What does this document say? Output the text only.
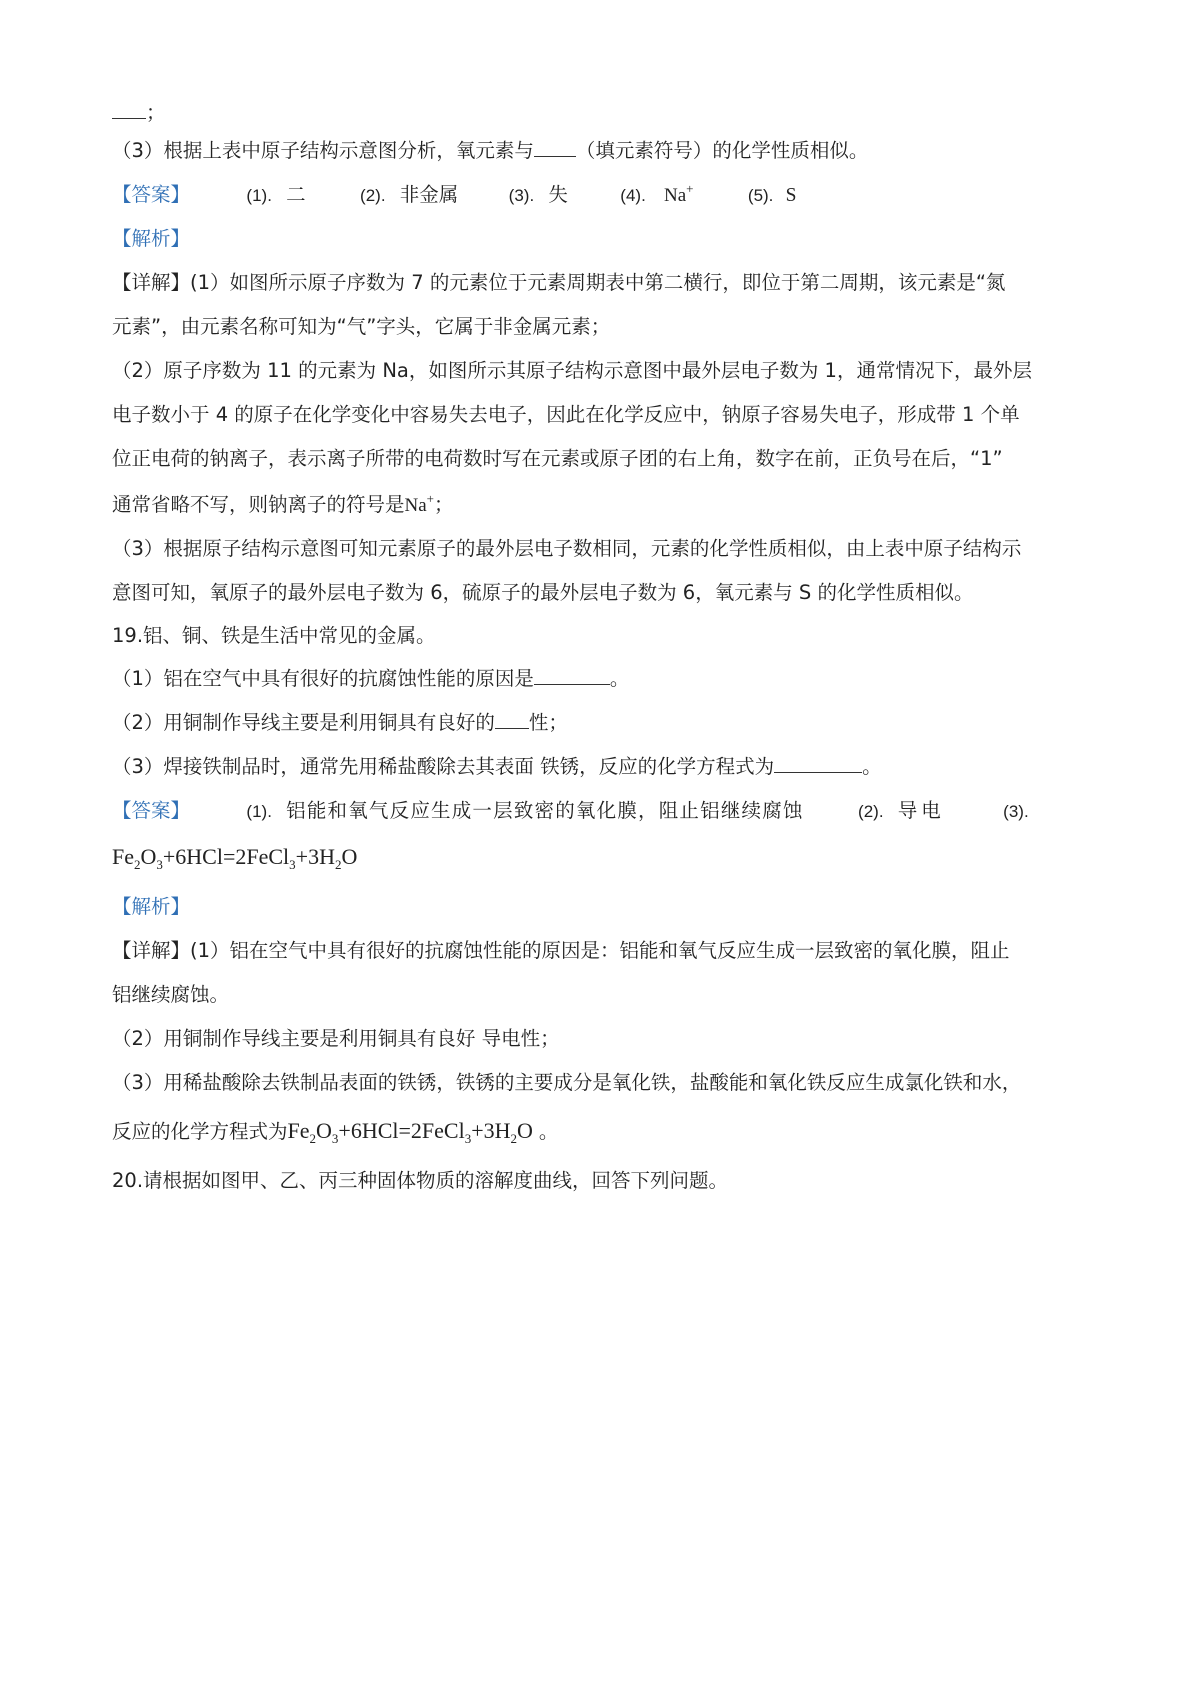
；
（3）根据上表中原子结构示意图分析，氧元素与 （填元素符号）的化学性质相似。
【答案】	(1). 二	(2). 非金属	(3). 失	(4). Na+	(5). S
【解析】
【详解】(1）如图所示原子序数为 7 的元素位于元素周期表中第二横行，即位于第二周期，该元素是“氮
元素”，由元素名称可知为“气”字头，它属于非金属元素；
（2）原子序数为 11 的元素为 Na，如图所示其原子结构示意图中最外层电子数为 1，通常情况下，最外层
电子数小于 4 的原子在化学变化中容易失去电子，因此在化学反应中，钠原子容易失电子，形成带 1 个单
位正电荷的钠离子，表示离子所带的电荷数时写在元素或原子团的右上角，数字在前，正负号在后，“1”
通常省略不写，则钠离子的符号是Na+；
（3）根据原子结构示意图可知元素原子的最外层电子数相同，元素的化学性质相似，由上表中原子结构示
意图可知，氧原子的最外层电子数为 6，硫原子的最外层电子数为 6，氧元素与 S 的化学性质相似。
19.铝、铜、铁是生活中常见的金属。
（1）铝在空气中具有很好的抗腐蚀性能的原因是	。
（2）用铜制作导线主要是利用铜具有良好的 性；
（3）焊接铁制品时，通常先用稀盐酸除去其表面 铁锈，反应的化学方程式为	。
【答案】	(1). 铝能和氧气反应生成一层致密的氧化膜，阻止铝继续腐蚀	(2). 导电	(3).
$Fe_2O_3+6HCl=2FeCl_3+3H_2O$
【解析】
【详解】(1）铝在空气中具有很好的抗腐蚀性能的原因是：铝能和氧气反应生成一层致密的氧化膜，阻止
铝继续腐蚀。
（2）用铜制作导线主要是利用铜具有良好 导电性；
（3）用稀盐酸除去铁制品表面的铁锈，铁锈的主要成分是氧化铁，盐酸能和氧化铁反应生成氯化铁和水，
反应的化学方程式为$Fe_2O_3+6HCl=2FeCl_3+3H_2O$ 。
20.请根据如图甲、乙、丙三种固体物质的溶解度曲线，回答下列问题。
